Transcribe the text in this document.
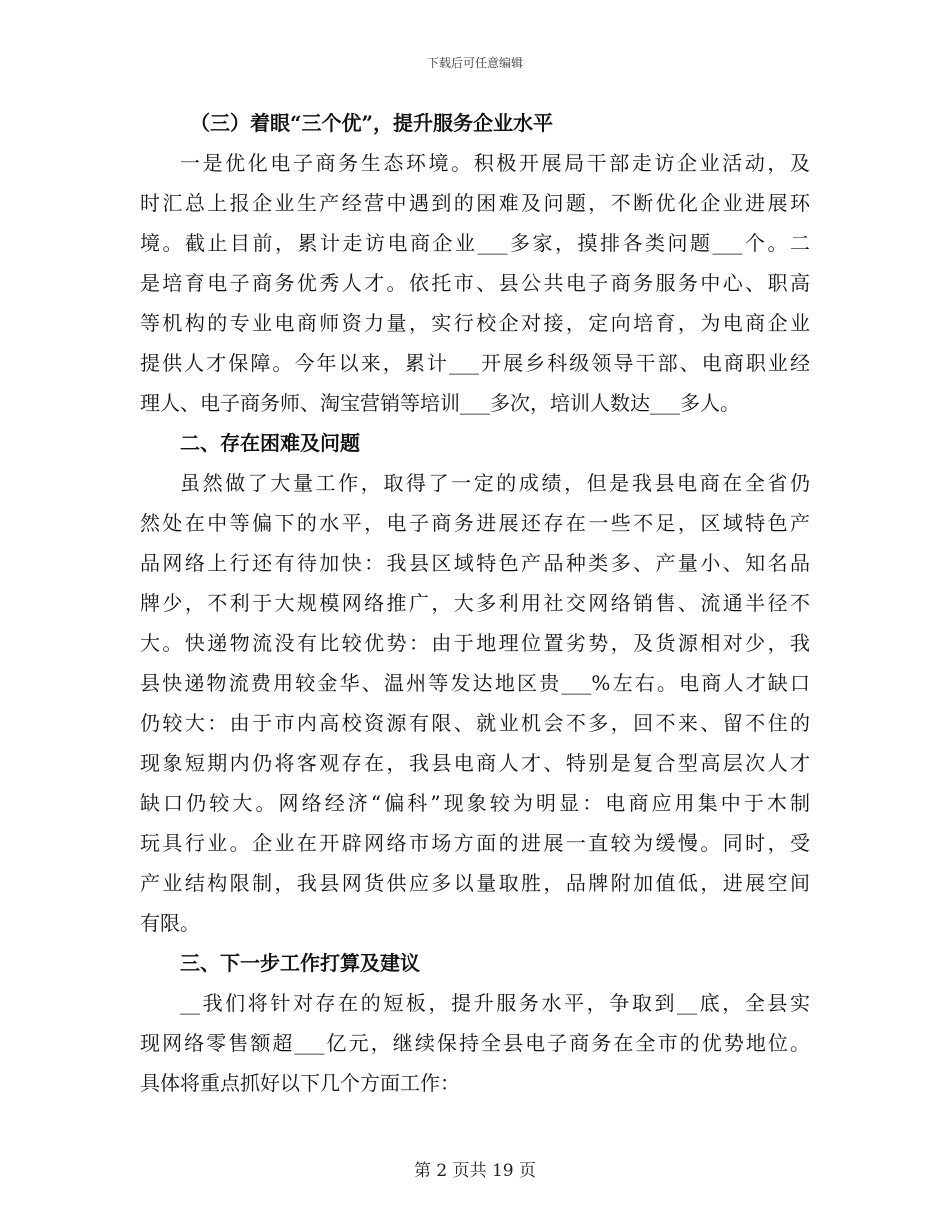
下载后可任意编辑
（三）着眼“三个优”，提升服务企业水平
一是优化电子商务生态环境。积极开展局干部走访企业活动，及
时汇总上报企业生产经营中遇到的困难及问题，不断优化企业进展环
境。截止目前，累计走访电商企业___多家，摸排各类问题___个。二
是培育电子商务优秀人才。依托市、县公共电子商务服务中心、职高
等机构的专业电商师资力量，实行校企对接，定向培育，为电商企业
提供人才保障。今年以来，累计___开展乡科级领导干部、电商职业经
理人、电子商务师、淘宝营销等培训___多次，培训人数达___多人。
二、存在困难及问题
虽然做了大量工作，取得了一定的成绩，但是我县电商在全省仍
然处在中等偏下的水平，电子商务进展还存在一些不足，区域特色产
品网络上行还有待加快：我县区域特色产品种类多、产量小、知名品
牌少，不利于大规模网络推广，大多利用社交网络销售、流通半径不
大。快递物流没有比较优势：由于地理位置劣势，及货源相对少，我
县快递物流费用较金华、温州等发达地区贵___%左右。电商人才缺口
仍较大：由于市内高校资源有限、就业机会不多，回不来、留不住的
现象短期内仍将客观存在，我县电商人才、特别是复合型高层次人才
缺口仍较大。网络经济“偏科”现象较为明显：电商应用集中于木制
玩具行业。企业在开辟网络市场方面的进展一直较为缓慢。同时，受
产业结构限制，我县网货供应多以量取胜，品牌附加值低，进展空间
有限。
三、下一步工作打算及建议
__我们将针对存在的短板，提升服务水平，争取到__底，全县实
现网络零售额超___亿元，继续保持全县电子商务在全市的优势地位。
具体将重点抓好以下几个方面工作：
第 2 页共 19 页
